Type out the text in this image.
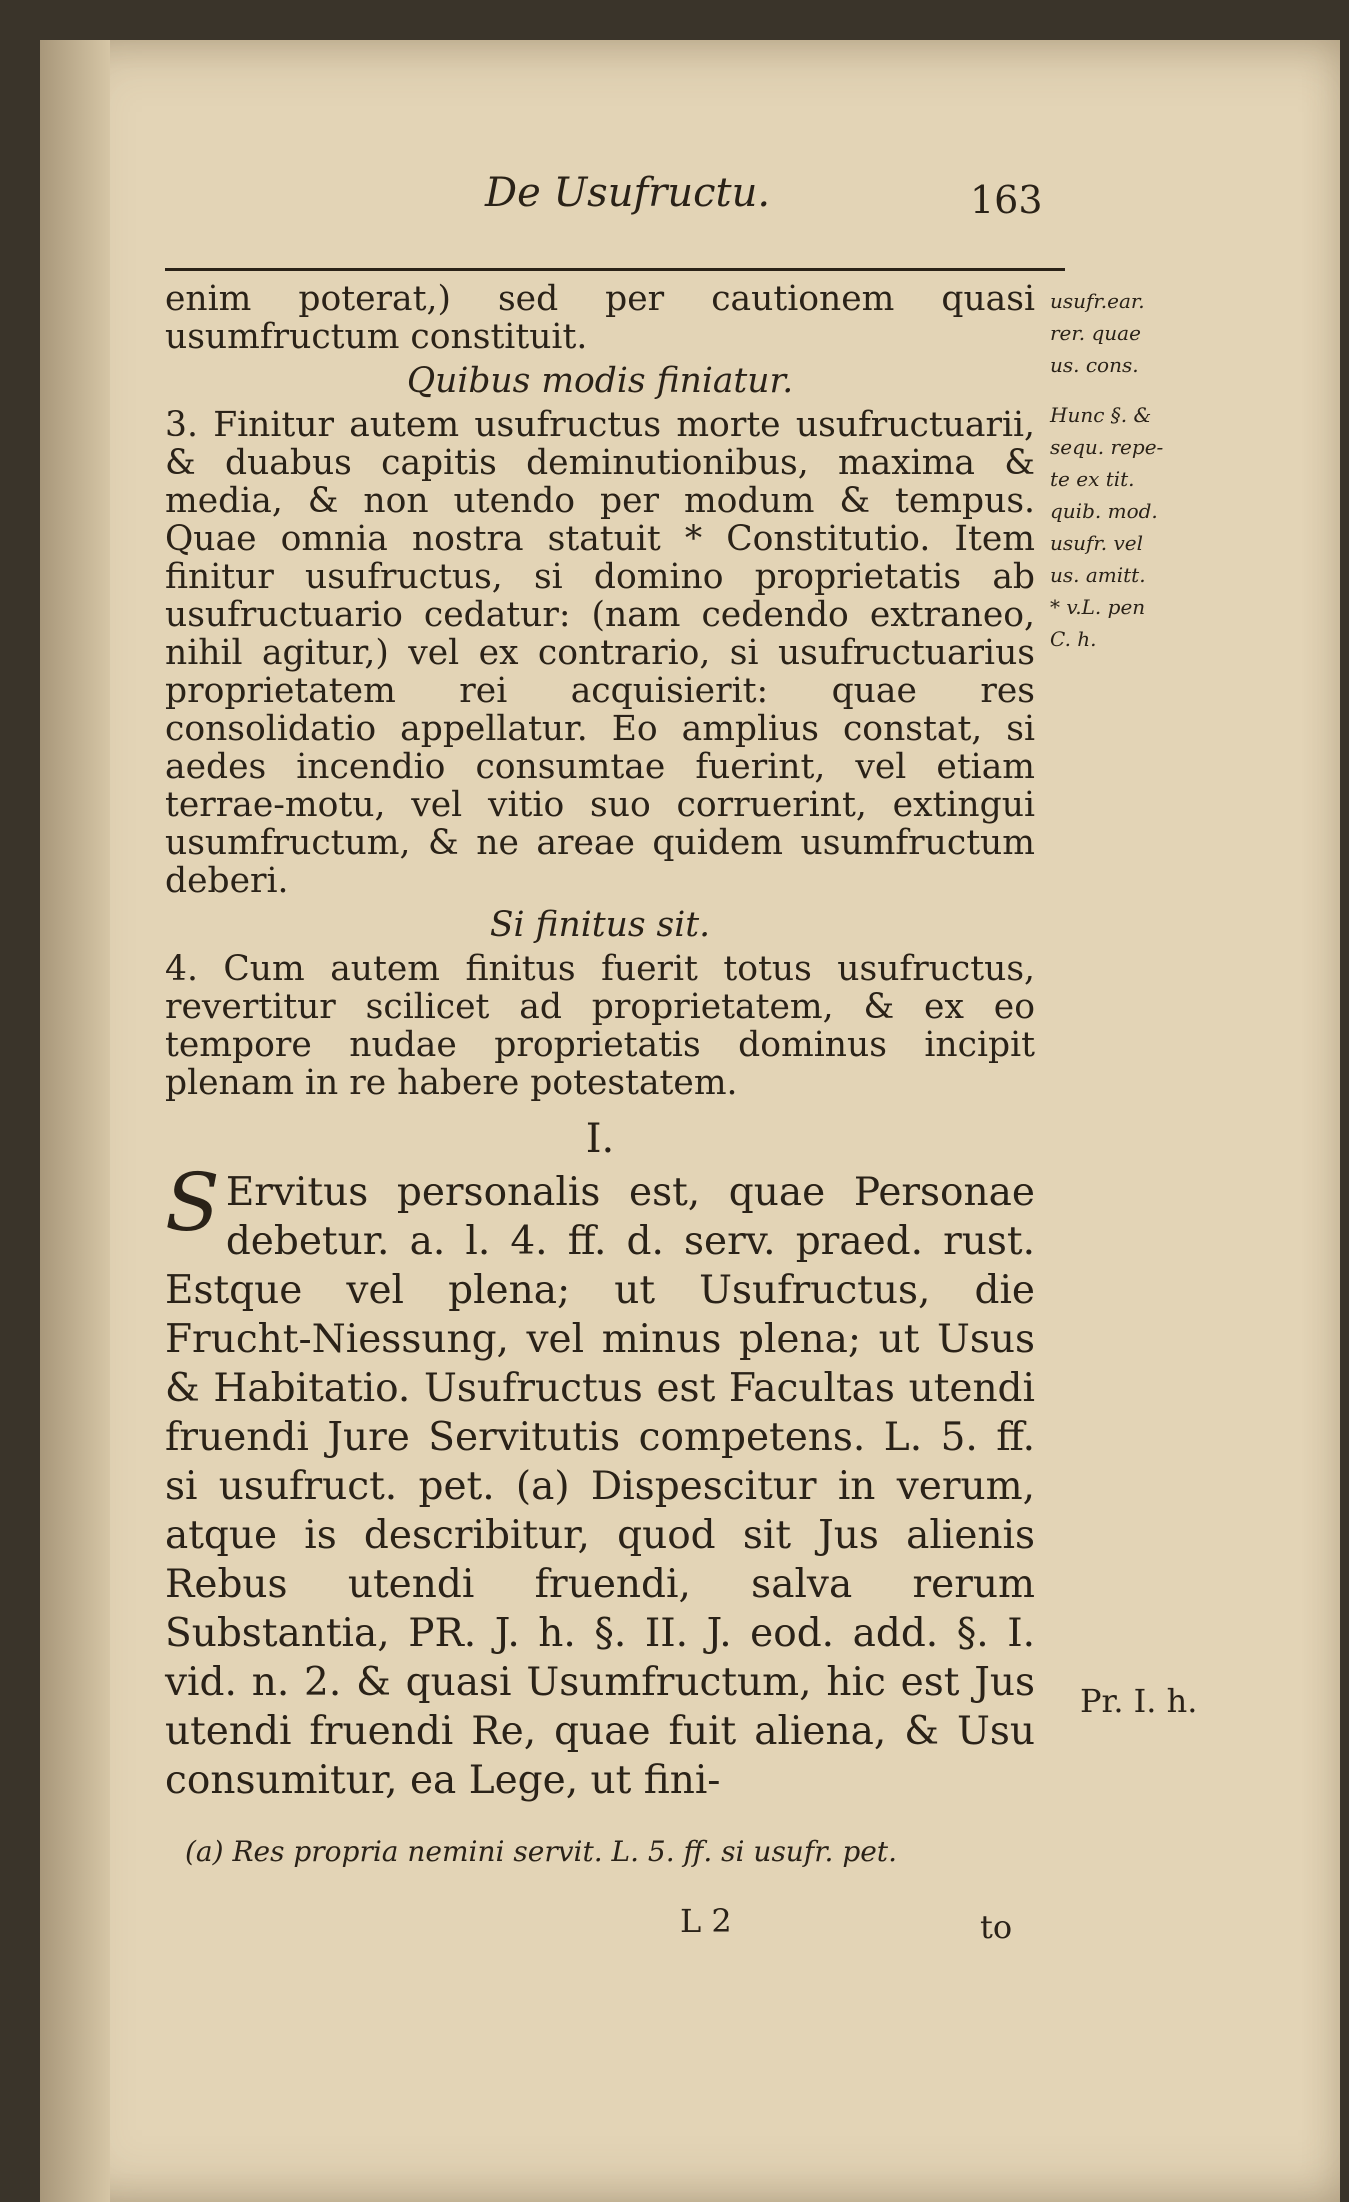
De Usufructu.	163

enim poterat,) sed per cautionem quasi usumfructum constituit.

Quibus modis finiatur.

3. Finitur autem usufructus morte usufructuarii, & duabus capitis deminutionibus, maxima & media, & non utendo per modum & tempus. Quae omnia nostra statuit * Constitutio. Item finitur usufructus, si domino proprietatis ab usufructuario cedatur: (nam cedendo extraneo, nihil agitur,) vel ex contrario, si usufructuarius proprietatem rei acquisierit: quae res consolidatio appellatur. Eo amplius constat, si aedes incendio consumtae fuerint, vel etiam terrae-motu, vel vitio suo corruerint, extingui usumfructum, & ne areae quidem usumfructum deberi.

Si finitus sit.

4. Cum autem finitus fuerit totus usufructus, revertitur scilicet ad proprietatem, & ex eo tempore nudae proprietatis dominus incipit plenam in re habere potestatem.

I.

S Ervitus personalis est, quae Personae debetur. a. l. 4. ff. d. serv. praed. rust. Estque vel plena; ut Usufructus, die Frucht-Niessung, vel minus plena; ut Usus & Habitatio. Usufructus est Facultas utendi fruendi Jure Servitutis competens. L. 5. ff. si usufruct. pet. (a) Dispescitur in verum, atque is describitur, quod sit Jus alienis Rebus utendi fruendi, salva rerum Substantia, PR. J. h. §. II. J. eod. add. §. I. vid. n. 2. & quasi Usumfructum, hic est Jus utendi fruendi Re, quae fuit aliena, & Usu consumitur, ea Lege, ut fini-

usufr.ear.
rer. quae
us. cons.
Hunc §. &
sequ. repe-
te ex tit.
quib. mod.
usufr. vel
us. amitt.
* v.L. pen
C. h.
Pr. I. h.
(a) Res propria nemini servit. L. 5. ff. si usufr. pet.
L 2	to
